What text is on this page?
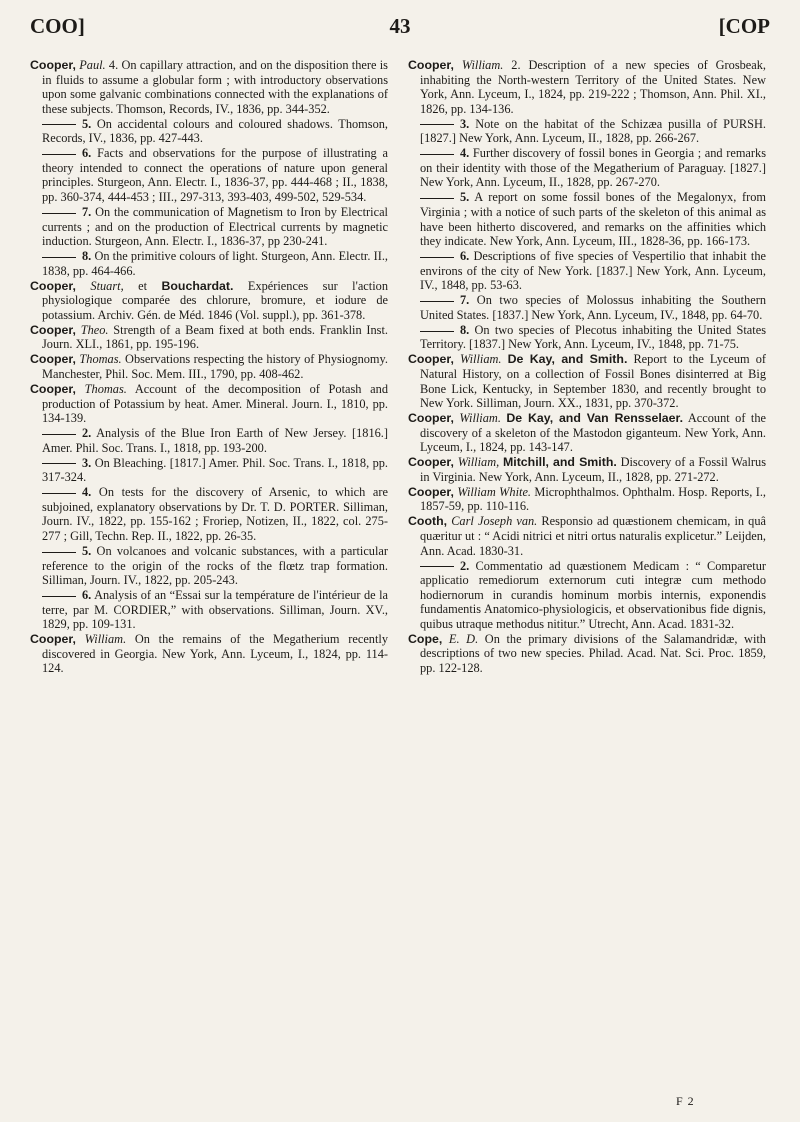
COO]	43	[COP

Cooper, Paul. 4. On capillary attraction, and on the disposition there is in fluids to assume a globular form ; with introductory observations upon some galvanic combinations connected with the explanations of these subjects. Thomson, Records, IV., 1836, pp. 344-352.

5. On accidental colours and coloured shadows. Thomson, Records, IV., 1836, pp. 427-443.

6. Facts and observations for the purpose of illustrating a theory intended to connect the operations of nature upon general principles. Sturgeon, Ann. Electr. I., 1836-37, pp. 444-468 ; II., 1838, pp. 360-374, 444-453 ; III., 297-313, 393-403, 499-502, 529-534.

7. On the communication of Magnetism to Iron by Electrical currents ; and on the production of Electrical currents by magnetic induction. Sturgeon, Ann. Electr. I., 1836-37, pp 230-241.

8. On the primitive colours of light. Sturgeon, Ann. Electr. II., 1838, pp. 464-466.

Cooper, Stuart, et Bouchardat. Expériences sur l'action physiologique comparée des chlorure, bromure, et iodure de potassium. Archiv. Gén. de Méd. 1846 (Vol. suppl.), pp. 361-378.

Cooper, Theo. Strength of a Beam fixed at both ends. Franklin Inst. Journ. XLI., 1861, pp. 195-196.

Cooper, Thomas. Observations respecting the history of Physiognomy. Manchester, Phil. Soc. Mem. III., 1790, pp. 408-462.

Cooper, Thomas. Account of the decomposition of Potash and production of Potassium by heat. Amer. Mineral. Journ. I., 1810, pp. 134-139.

2. Analysis of the Blue Iron Earth of New Jersey. [1816.] Amer. Phil. Soc. Trans. I., 1818, pp. 193-200.

3. On Bleaching. [1817.] Amer. Phil. Soc. Trans. I., 1818, pp. 317-324.

4. On tests for the discovery of Arsenic, to which are subjoined, explanatory observations by Dr. T. D. PORTER. Silliman, Journ. IV., 1822, pp. 155-162 ; Froriep, Notizen, II., 1822, col. 275-277 ; Gill, Techn. Rep. II., 1822, pp. 26-35.

5. On volcanoes and volcanic substances, with a particular reference to the origin of the rocks of the flœtz trap formation. Silliman, Journ. IV., 1822, pp. 205-243.

6. Analysis of an “Essai sur la température de l'intérieur de la terre, par M. CORDIER,” with observations. Silliman, Journ. XV., 1829, pp. 109-131.

Cooper, William. On the remains of the Megatherium recently discovered in Georgia. New York, Ann. Lyceum, I., 1824, pp. 114-124.

Cooper, William. 2. Description of a new species of Grosbeak, inhabiting the North-western Territory of the United States. New York, Ann. Lyceum, I., 1824, pp. 219-222 ; Thomson, Ann. Phil. XI., 1826, pp. 134-136.

3. Note on the habitat of the Schizæa pusilla of PURSH. [1827.] New York, Ann. Lyceum, II., 1828, pp. 266-267.

4. Further discovery of fossil bones in Georgia ; and remarks on their identity with those of the Megatherium of Paraguay. [1827.] New York, Ann. Lyceum, II., 1828, pp. 267-270.

5. A report on some fossil bones of the Megalonyx, from Virginia ; with a notice of such parts of the skeleton of this animal as have been hitherto discovered, and remarks on the affinities which they indicate. New York, Ann. Lyceum, III., 1828-36, pp. 166-173.

6. Descriptions of five species of Vespertilio that inhabit the environs of the city of New York. [1837.] New York, Ann. Lyceum, IV., 1848, pp. 53-63.

7. On two species of Molossus inhabiting the Southern United States. [1837.] New York, Ann. Lyceum, IV., 1848, pp. 64-70.

8. On two species of Plecotus inhabiting the United States Territory. [1837.] New York, Ann. Lyceum, IV., 1848, pp. 71-75.

Cooper, William. De Kay, and Smith. Report to the Lyceum of Natural History, on a collection of Fossil Bones disinterred at Big Bone Lick, Kentucky, in September 1830, and recently brought to New York. Silliman, Journ. XX., 1831, pp. 370-372.

Cooper, William. De Kay, and Van Rensselaer. Account of the discovery of a skeleton of the Mastodon giganteum. New York, Ann. Lyceum, I., 1824, pp. 143-147.

Cooper, William, Mitchill, and Smith. Discovery of a Fossil Walrus in Virginia. New York, Ann. Lyceum, II., 1828, pp. 271-272.

Cooper, William White. Microphthalmos. Ophthalm. Hosp. Reports, I., 1857-59, pp. 110-116.

Cooth, Carl Joseph van. Responsio ad quæstionem chemicam, in quâ quæritur ut : “ Acidi nitrici et nitri ortus naturalis explicetur.” Leijden, Ann. Acad. 1830-31.

2. Commentatio ad quæstionem Medicam : “ Comparetur applicatio remediorum externorum cuti integræ cum methodo hodiernorum in curandis hominum morbis internis, exponendis fundamentis Anatomico-physiologicis, et observationibus fide dignis, quibus utraque methodus nititur.” Utrecht, Ann. Acad. 1831-32.

Cope, E. D. On the primary divisions of the Salamandridæ, with descriptions of two new species. Philad. Acad. Nat. Sci. Proc. 1859, pp. 122-128.

F 2
